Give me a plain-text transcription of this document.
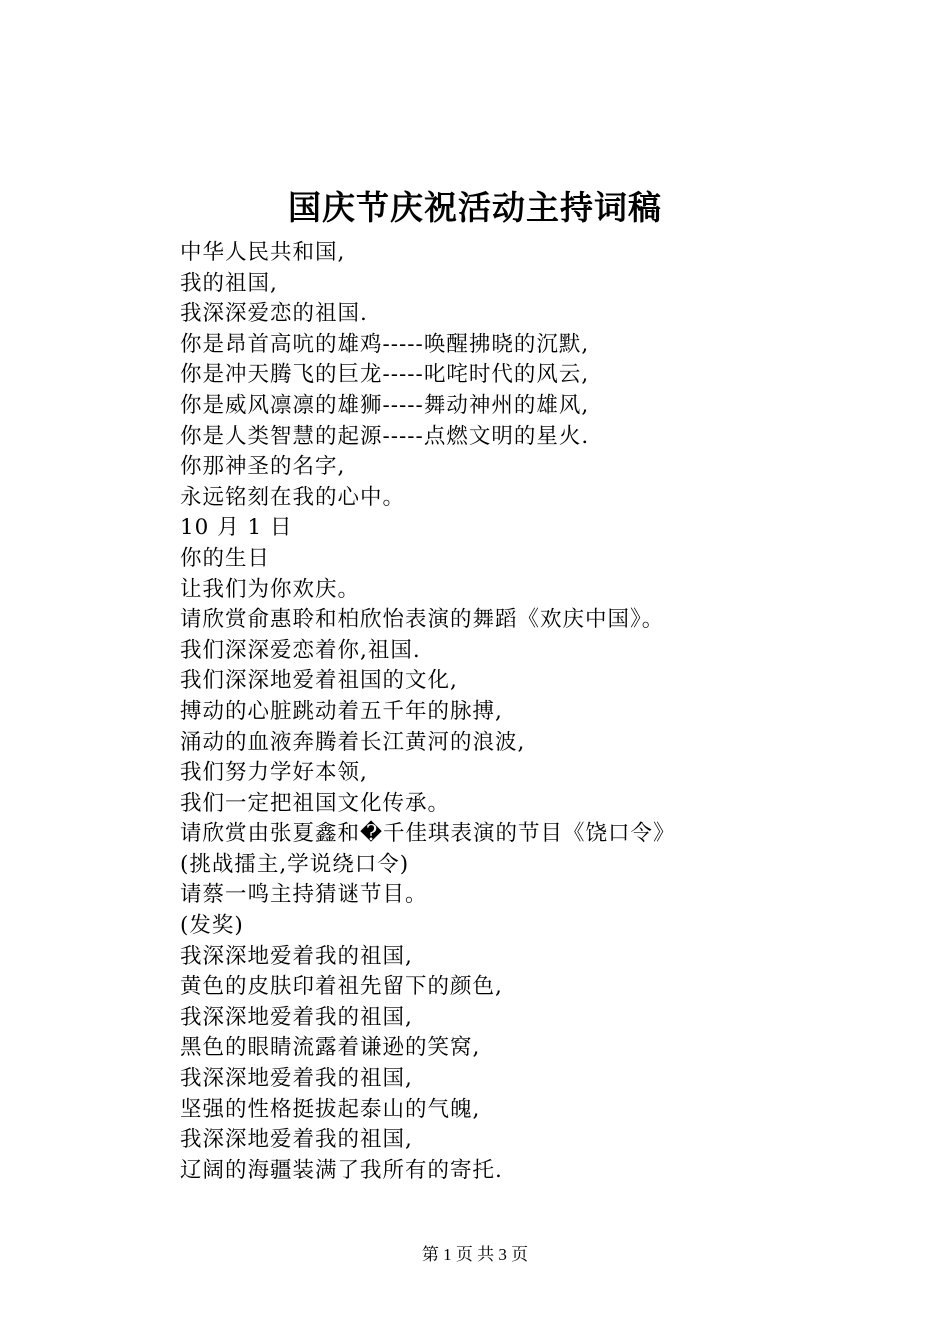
国庆节庆祝活动主持词稿
中华人民共和国,
我的祖国,
我深深爱恋的祖国.
你是昂首高吭的雄鸡-----唤醒拂晓的沉默,
你是冲天腾飞的巨龙-----叱咤时代的风云,
你是威风凛凛的雄狮-----舞动神州的雄风,
你是人类智慧的起源-----点燃文明的星火.
你那神圣的名字,
永远铭刻在我的心中。
10 月 1 日
你的生日
让我们为你欢庆。
请欣赏俞惠聆和柏欣怡表演的舞蹈《欢庆中国》。
我们深深爱恋着你,祖国.
我们深深地爱着祖国的文化,
搏动的心脏跳动着五千年的脉搏,
涌动的血液奔腾着长江黄河的浪波,
我们努力学好本领,
我们一定把祖国文化传承。
请欣赏由张夏鑫和�千佳琪表演的节目《饶口令》
(挑战擂主,学说绕口令)
请蔡一鸣主持猜谜节目。
(发奖)
我深深地爱着我的祖国,
黄色的皮肤印着祖先留下的颜色,
我深深地爱着我的祖国,
黑色的眼睛流露着谦逊的笑窝,
我深深地爱着我的祖国,
坚强的性格挺拔起泰山的气魄,
我深深地爱着我的祖国,
辽阔的海疆装满了我所有的寄托.
第 1 页 共 3 页
